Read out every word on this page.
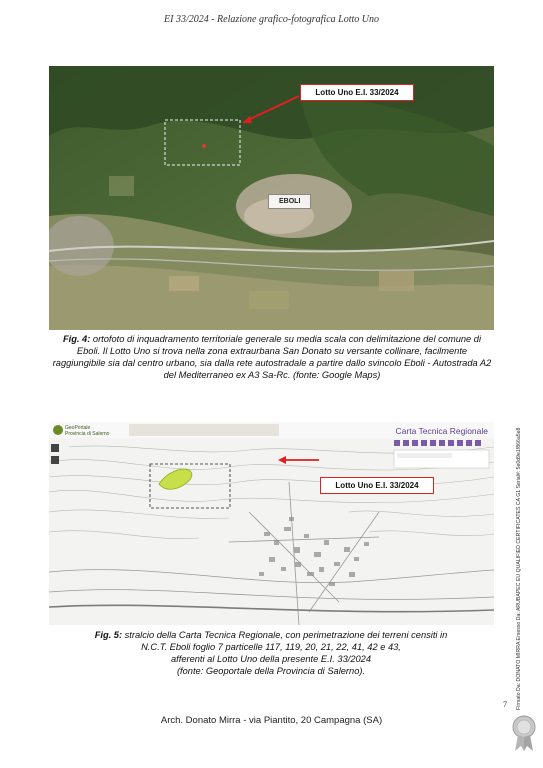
EI 33/2024 - Relazione grafico-fotografica Lotto Uno
Lotto Uno E.I. 33/2024
EBOLI
Fig. 4: ortofoto di inquadramento territoriale generale su media scala con delimitazione del comune di Eboli. Il Lotto Uno si trova nella zona extraurbana San Donato su versante collinare, facilmente raggiungibile sia dal centro urbano, sia dalla rete autostradale a partire dallo svincolo Eboli - Autostrada A2 del Mediterraneo ex A3 Sa-Rc. (fonte: Google Maps)
GeoPortale
Provincia di Salerno	Carta Tecnica Regionale
Lotto Uno E.I. 33/2024
Fig. 5: stralcio della Carta Tecnica Regionale, con perimetrazione dei terreni censiti in
N.C.T. Eboli foglio 7 particelle 117, 119, 20, 21, 22, 41, 42 e 43,
afferenti al Lotto Uno della presente E.I. 33/2024
(fonte: Geoportale della Provincia di Salerno).	Firmato Da: DONATO MIRRA Emesso Da: ARUBAPEC EU QUALIFIED CERTIFICATES CA G1 Serial#: 5e0d9e1f866a5e8
7
Arch. Donato Mirra - via Piantito, 20 Campagna (SA)
